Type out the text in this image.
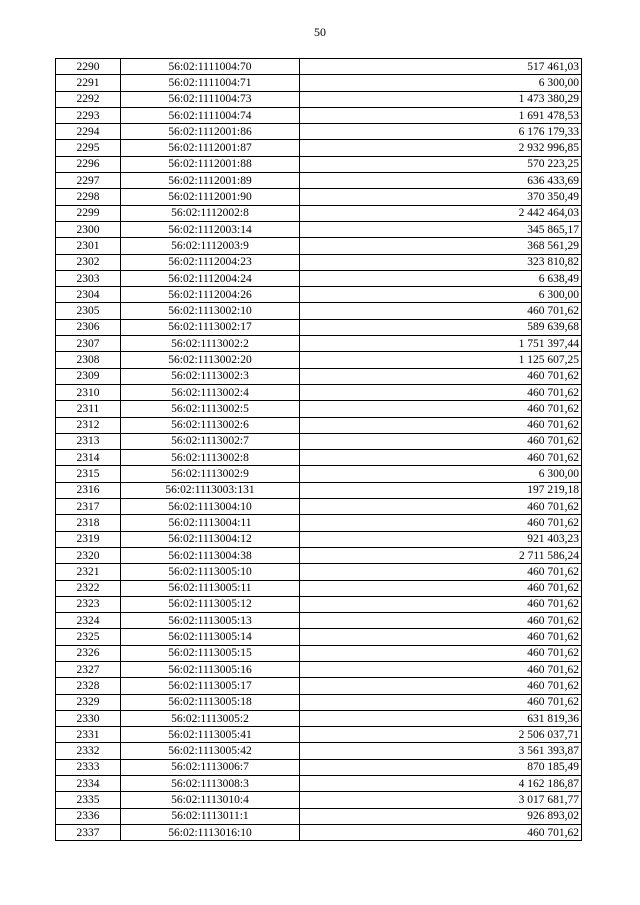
50
2290	56:02:1111004:70	517 461,03
2291	56:02:1111004:71	6 300,00
2292	56:02:1111004:73	1 473 380,29
2293	56:02:1111004:74	1 691 478,53
2294	56:02:1112001:86	6 176 179,33
2295	56:02:1112001:87	2 932 996,85
2296	56:02:1112001:88	570 223,25
2297	56:02:1112001:89	636 433,69
2298	56:02:1112001:90	370 350,49
2299	56:02:1112002:8	2 442 464,03
2300	56:02:1112003:14	345 865,17
2301	56:02:1112003:9	368 561,29
2302	56:02:1112004:23	323 810,82
2303	56:02:1112004:24	6 638,49
2304	56:02:1112004:26	6 300,00
2305	56:02:1113002:10	460 701,62
2306	56:02:1113002:17	589 639,68
2307	56:02:1113002:2	1 751 397,44
2308	56:02:1113002:20	1 125 607,25
2309	56:02:1113002:3	460 701,62
2310	56:02:1113002:4	460 701,62
2311	56:02:1113002:5	460 701,62
2312	56:02:1113002:6	460 701,62
2313	56:02:1113002:7	460 701,62
2314	56:02:1113002:8	460 701,62
2315	56:02:1113002:9	6 300,00
2316	56:02:1113003:131	197 219,18
2317	56:02:1113004:10	460 701,62
2318	56:02:1113004:11	460 701,62
2319	56:02:1113004:12	921 403,23
2320	56:02:1113004:38	2 711 586,24
2321	56:02:1113005:10	460 701,62
2322	56:02:1113005:11	460 701,62
2323	56:02:1113005:12	460 701,62
2324	56:02:1113005:13	460 701,62
2325	56:02:1113005:14	460 701,62
2326	56:02:1113005:15	460 701,62
2327	56:02:1113005:16	460 701,62
2328	56:02:1113005:17	460 701,62
2329	56:02:1113005:18	460 701,62
2330	56:02:1113005:2	631 819,36
2331	56:02:1113005:41	2 506 037,71
2332	56:02:1113005:42	3 561 393,87
2333	56:02:1113006:7	870 185,49
2334	56:02:1113008:3	4 162 186,87
2335	56:02:1113010:4	3 017 681,77
2336	56:02:1113011:1	926 893,02
2337	56:02:1113016:10	460 701,62
